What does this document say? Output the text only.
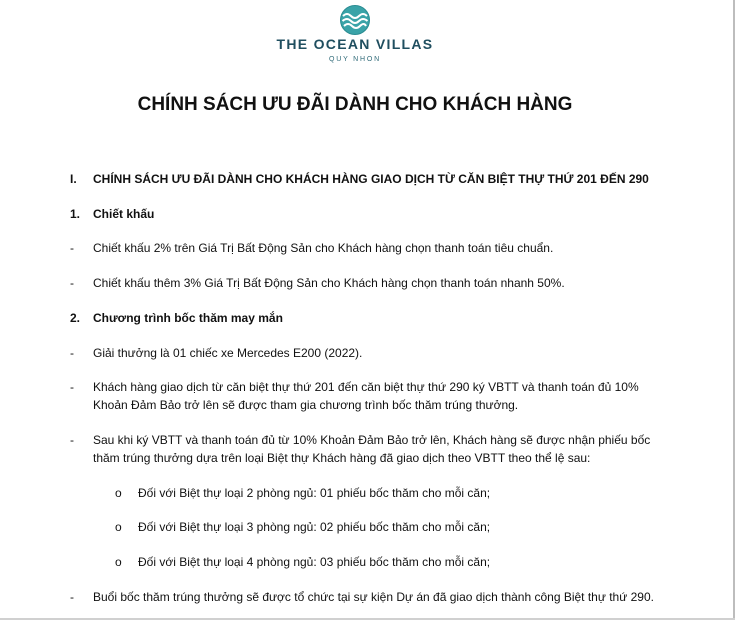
THE OCEAN VILLAS
QUY NHON
CHÍNH SÁCH ƯU ĐÃI DÀNH CHO KHÁCH HÀNG
I. CHÍNH SÁCH ƯU ĐÃI DÀNH CHO KHÁCH HÀNG GIAO DỊCH TỪ CĂN BIỆT THỰ THỨ 201 ĐẾN 290
1. Chiết khấu
- Chiết khấu 2% trên Giá Trị Bất Động Sản cho Khách hàng chọn thanh toán tiêu chuẩn.
- Chiết khấu thêm 3% Giá Trị Bất Động Sản cho Khách hàng chọn thanh toán nhanh 50%.
2. Chương trình bốc thăm may mắn
- Giải thưởng là 01 chiếc xe Mercedes E200 (2022).
- Khách hàng giao dịch từ căn biệt thự thứ 201 đến căn biệt thự thứ 290 ký VBTT và thanh toán đủ 10% Khoản Đảm Bảo trở lên sẽ được tham gia chương trình bốc thăm trúng thưởng.
- Sau khi ký VBTT và thanh toán đủ từ 10% Khoản Đảm Bảo trở lên, Khách hàng sẽ được nhận phiếu bốc thăm trúng thưởng dựa trên loại Biệt thự Khách hàng đã giao dịch theo VBTT theo thể lệ sau:
o Đối với Biệt thự loại 2 phòng ngủ: 01 phiếu bốc thăm cho mỗi căn;
o Đối với Biệt thự loại 3 phòng ngủ: 02 phiếu bốc thăm cho mỗi căn;
o Đối với Biệt thự loại 4 phòng ngủ: 03 phiếu bốc thăm cho mỗi căn;
- Buổi bốc thăm trúng thưởng sẽ được tổ chức tại sự kiện Dự án đã giao dịch thành công Biệt thự thứ 290.
